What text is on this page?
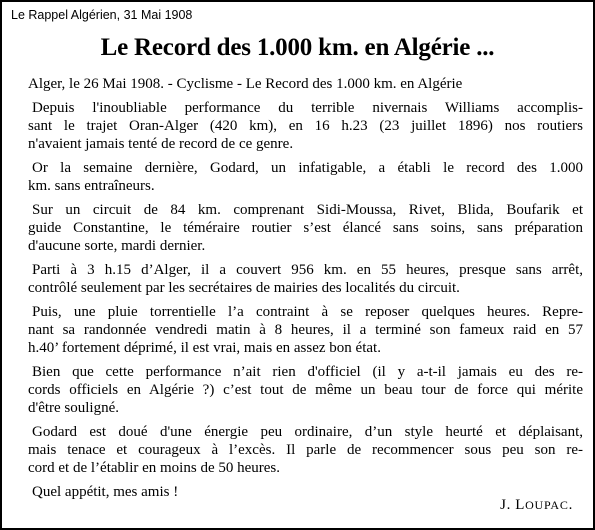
Le Rappel Algérien, 31 Mai 1908
Le Record des 1.000 km. en Algérie ...
Alger, le 26 Mai 1908. - Cyclisme - Le Record des 1.000 km. en Algérie
Depuis l'inoubliable performance du terrible nivernais Williams accomplis-
sant le trajet Oran-Alger (420 km), en 16 h.23 (23 juillet 1896) nos routiers
n'avaient jamais tenté de record de ce genre.
Or la semaine dernière, Godard, un infatigable, a établi le record des 1.000
km. sans entraîneurs.
Sur un circuit de 84 km. comprenant Sidi-Moussa, Rivet, Blida, Boufarik et
guide Constantine, le téméraire routier s’est élancé sans soins, sans préparation
d'aucune sorte, mardi dernier.
Parti à 3 h.15 d’Alger, il a couvert 956 km. en 55 heures, presque sans arrêt,
contrôlé seulement par les secrétaires de mairies des localités du circuit.
Puis, une pluie torrentielle l’a contraint à se reposer quelques heures. Repre-
nant sa randonnée vendredi matin à 8 heures, il a terminé son fameux raid en 57
h.40’ fortement déprimé, il est vrai, mais en assez bon état.
Bien que cette performance n’ait rien d'officiel (il y a-t-il jamais eu des re-
cords officiels en Algérie ?) c’est tout de même un beau tour de force qui mérite
d'être souligné.
Godard est doué d'une énergie peu ordinaire, d’un style heurté et déplaisant,
mais tenace et courageux à l’excès. Il parle de recommencer sous peu son re-
cord et de l’établir en moins de 50 heures.
Quel appétit, mes amis !
J. LOUPAC.
